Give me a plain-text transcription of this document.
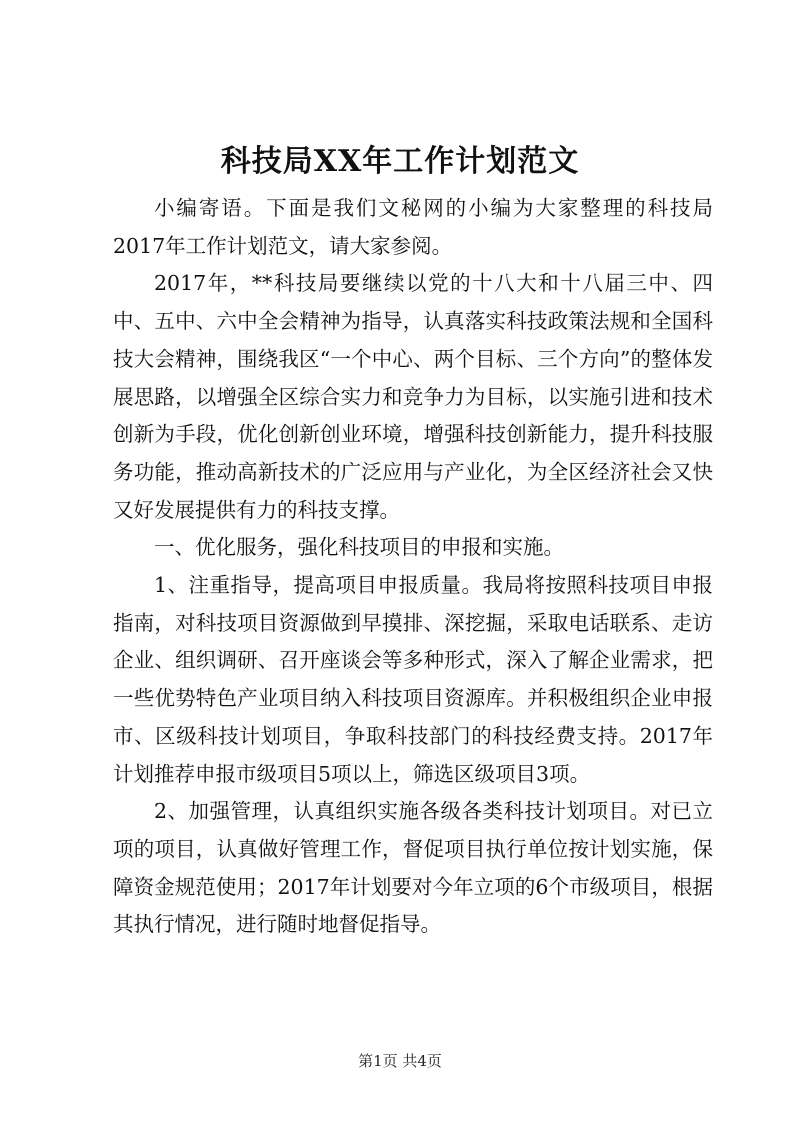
科技局XX年工作计划范文

小编寄语。下面是我们文秘网的小编为大家整理的科技局2017年工作计划范文，请大家参阅。

2017年，**科技局要继续以党的十八大和十八届三中、四中、五中、六中全会精神为指导，认真落实科技政策法规和全国科技大会精神，围绕我区“一个中心、两个目标、三个方向”的整体发展思路，以增强全区综合实力和竞争力为目标，以实施引进和技术创新为手段，优化创新创业环境，增强科技创新能力，提升科技服务功能，推动高新技术的广泛应用与产业化，为全区经济社会又快又好发展提供有力的科技支撑。

一、优化服务，强化科技项目的申报和实施。

1、注重指导，提高项目申报质量。我局将按照科技项目申报指南，对科技项目资源做到早摸排、深挖掘，采取电话联系、走访企业、组织调研、召开座谈会等多种形式，深入了解企业需求，把一些优势特色产业项目纳入科技项目资源库。并积极组织企业申报市、区级科技计划项目，争取科技部门的科技经费支持。2017年计划推荐申报市级项目5项以上，筛选区级项目3项。

2、加强管理，认真组织实施各级各类科技计划项目。对已立项的项目，认真做好管理工作，督促项目执行单位按计划实施，保障资金规范使用；2017年计划要对今年立项的6个市级项目，根据其执行情况，进行随时地督促指导。

第1页 共4页
